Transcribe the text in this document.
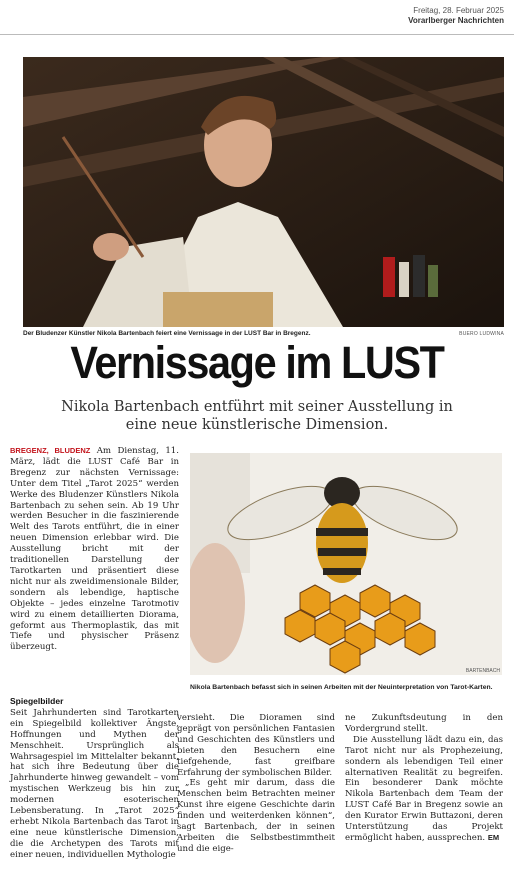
Freitag, 28. Februar 2025
Vorarlberger Nachrichten
Der Bludenzer Künstler Nikola Bartenbach feiert eine Vernissage in der LUST Bar in Bregenz.	BUERO LUDWINA
Vernissage im LUST
Nikola Bartenbach entführt mit seiner Ausstellung in eine neue künstlerische Dimension.

BREGENZ, BLUDENZ Am Dienstag, 11. März, lädt die LUST Café Bar in Bregenz zur nächsten Vernissage: Unter dem Titel „Tarot 2025“ werden Werke des Bludenzer Künstlers Nikola Bartenbach zu sehen sein. Ab 19 Uhr werden Besucher in die faszinierende Welt des Tarots entführt, die in einer neuen Dimension erlebbar wird. Die Ausstellung bricht mit der traditionellen Darstellung der Tarotkarten und präsentiert diese nicht nur als zweidimensionale Bilder, sondern als lebendige, haptische Objekte – jedes einzelne Tarotmotiv wird zu einem detaillierten Diorama, geformt aus Thermoplastik, das mit Tiefe und physischer Präsenz überzeugt.

Spiegelbilder

Seit Jahrhunderten sind Tarotkarten ein Spiegelbild kollektiver Ängste, Hoffnungen und Mythen der Menschheit. Ursprünglich als Wahrsagespiel im Mittelalter bekannt, hat sich ihre Bedeutung über die Jahrhunderte hinweg gewandelt – vom mystischen Werkzeug bis hin zur modernen esoterischen Lebensberatung. In „Tarot 2025“ erhebt Nikola Bartenbach das Tarot in eine neue künstlerische Dimension, die die Archetypen des Tarots mit einer neuen, individuellen Mythologie

BARTENBACH
Nikola Bartenbach befasst sich in seinen Arbeiten mit der Neuinterpretation von Tarot-Karten.

versieht. Die Dioramen sind geprägt von persönlichen Fantasien und Geschichten des Künstlers und bieten den Besuchern eine tiefgehende, fast greifbare Erfahrung der symbolischen Bilder.

„Es geht mir darum, dass die Menschen beim Betrachten meiner Kunst ihre eigene Geschichte darin finden und weiterdenken können“, sagt Bartenbach, der in seinen Arbeiten die Selbstbestimmtheit und die eige-

ne Zukunftsdeutung in den Vordergrund stellt.

Die Ausstellung lädt dazu ein, das Tarot nicht nur als Prophezeiung, sondern als lebendigen Teil einer alternativen Realität zu begreifen. Ein besonderer Dank möchte Nikola Bartenbach dem Team der LUST Café Bar in Bregenz sowie an den Kurator Erwin Buttazoni, deren Unterstützung das Projekt ermöglicht haben, aussprechen. EM
